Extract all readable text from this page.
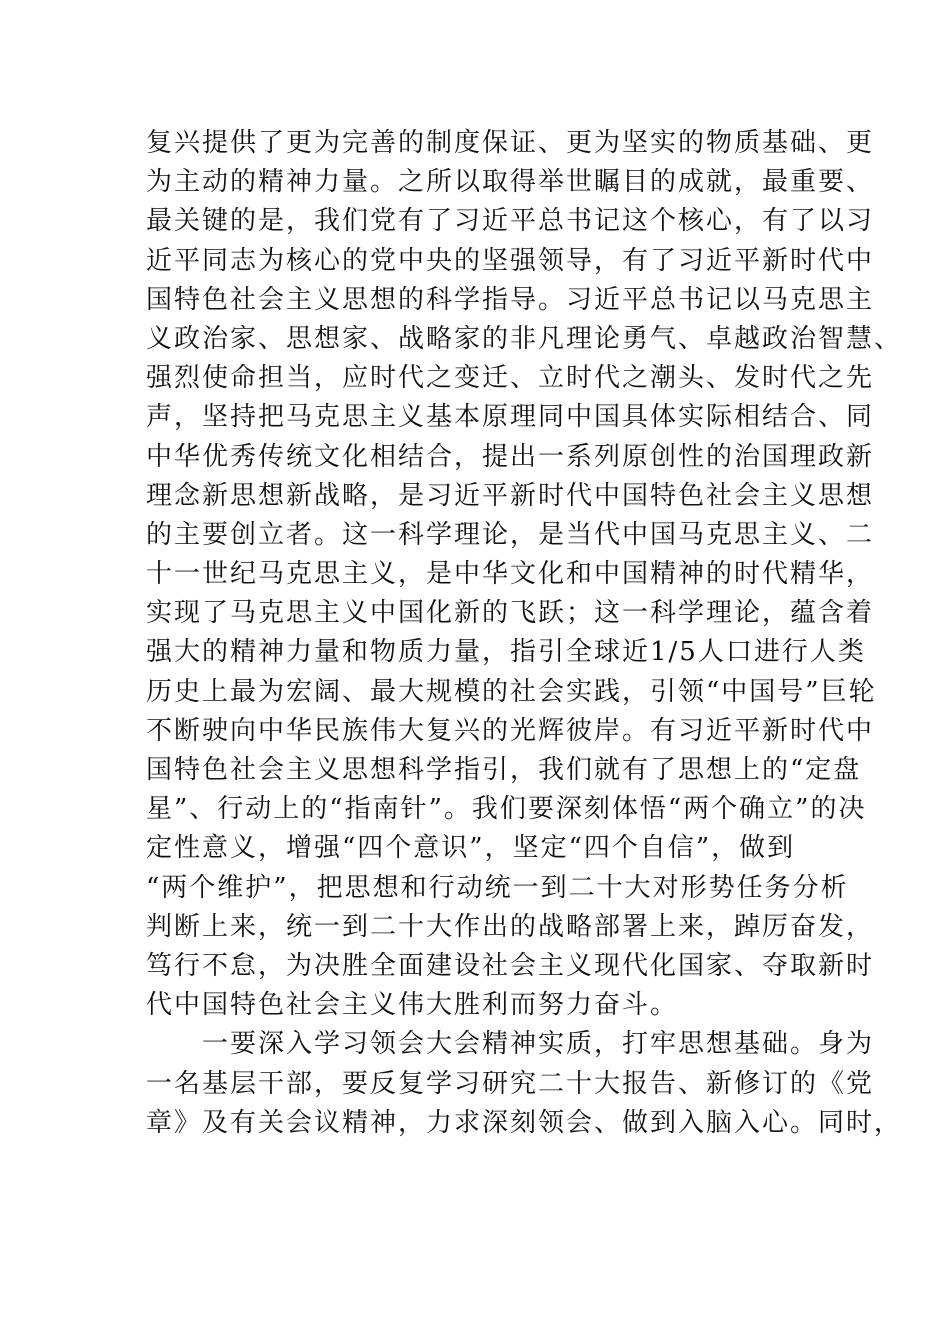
复兴提供了更为完善的制度保证、更为坚实的物质基础、更
为主动的精神力量。之所以取得举世瞩目的成就，最重要、
最关键的是，我们党有了习近平总书记这个核心，有了以习
近平同志为核心的党中央的坚强领导，有了习近平新时代中
国特色社会主义思想的科学指导。习近平总书记以马克思主
义政治家、思想家、战略家的非凡理论勇气、卓越政治智慧、
强烈使命担当，应时代之变迁、立时代之潮头、发时代之先
声，坚持把马克思主义基本原理同中国具体实际相结合、同
中华优秀传统文化相结合，提出一系列原创性的治国理政新
理念新思想新战略，是习近平新时代中国特色社会主义思想
的主要创立者。这一科学理论，是当代中国马克思主义、二
十一世纪马克思主义，是中华文化和中国精神的时代精华，
实现了马克思主义中国化新的飞跃；这一科学理论，蕴含着
强大的精神力量和物质力量，指引全球近1/5人口进行人类
历史上最为宏阔、最大规模的社会实践，引领“中国号”巨轮
不断驶向中华民族伟大复兴的光辉彼岸。有习近平新时代中
国特色社会主义思想科学指引，我们就有了思想上的“定盘
星”、行动上的“指南针”。我们要深刻体悟“两个确立”的决
定性意义，增强“四个意识”，坚定“四个自信”，做到
“两个维护”，把思想和行动统一到二十大对形势任务分析
判断上来，统一到二十大作出的战略部署上来，踔厉奋发，
笃行不怠，为决胜全面建设社会主义现代化国家、夺取新时
代中国特色社会主义伟大胜利而努力奋斗。
一要深入学习领会大会精神实质，打牢思想基础。身为
一名基层干部，要反复学习研究二十大报告、新修订的《党
章》及有关会议精神，力求深刻领会、做到入脑入心。同时，
